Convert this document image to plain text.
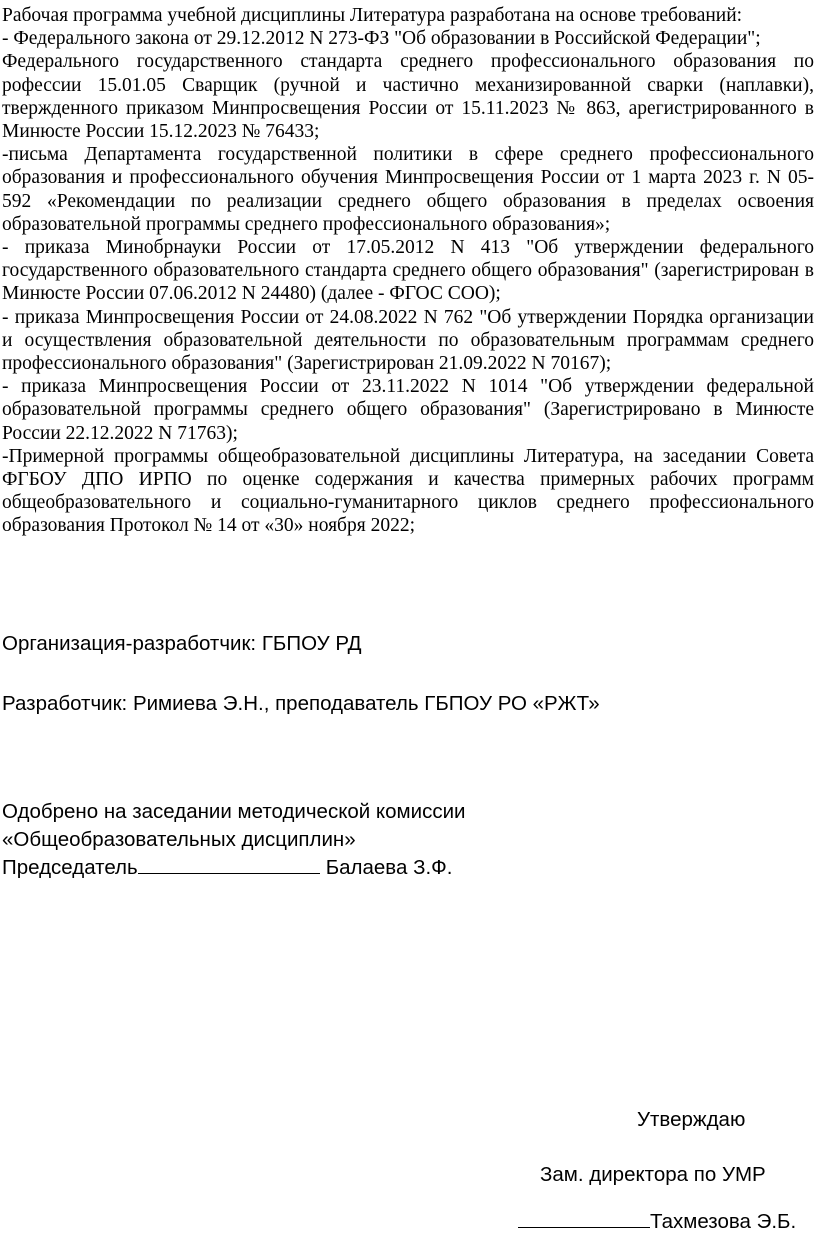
Рабочая программа учебной дисциплины Литература разработана на основе требований:

- Федерального закона от 29.12.2012 N 273-ФЗ "Об образовании в Российской Федерации";

Федерального государственного стандарта среднего профессионального образования по рофессии 15.01.05 Сварщик (ручной и частично механизированной сварки (наплавки), твержденного приказом Минпросвещения России от 15.11.2023 № 863, арегистрированного в Минюсте России 15.12.2023 № 76433;

-письма Департамента государственной политики в сфере среднего профессионального образования и профессионального обучения Минпросвещения России от 1 марта 2023 г. N 05-592 «Рекомендации по реализации среднего общего образования в пределах освоения образовательной программы среднего профессионального образования»;

- приказа Минобрнауки России от 17.05.2012 N 413 "Об утверждении федерального государственного образовательного стандарта среднего общего образования" (зарегистрирован в Минюсте России 07.06.2012 N 24480) (далее - ФГОС СОО);

- приказа Минпросвещения России от 24.08.2022 N 762 "Об утверждении Порядка организации и осуществления образовательной деятельности по образовательным программам среднего профессионального образования" (Зарегистрирован 21.09.2022 N 70167);

- приказа Минпросвещения России от 23.11.2022 N 1014 "Об утверждении федеральной образовательной программы среднего общего образования" (Зарегистрировано в Минюсте России 22.12.2022 N 71763);

-Примерной программы общеобразовательной дисциплины Литература, на заседании Совета ФГБОУ ДПО ИРПО по оценке содержания и качества примерных рабочих программ общеобразовательного и социально-гуманитарного циклов среднего профессионального образования Протокол № 14 от «30» ноября 2022;

Организация-разработчик: ГБПОУ РД
Разработчик: Римиева Э.Н., преподаватель ГБПОУ РО «РЖТ»
Одобрено на заседании методической комиссии
«Общеобразовательных дисциплин»
Председатель	Балаева З.Ф.
Утверждаю
Зам. директора по УМР
Тахмезова Э.Б.
